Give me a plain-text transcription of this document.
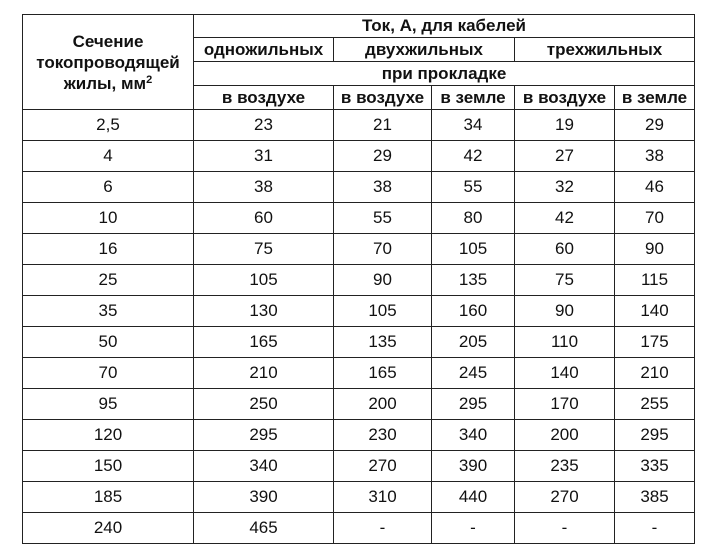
Сечение
токопроводящей
жилы, $мм^2$	Ток, А, для кабелей				
	одножильных	двухжильных		трехжильных	
	при прокладке				
	в воздухе	в воздухе	в земле	в воздухе	в земле
2,5	23	21	34	19	29
4	31	29	42	27	38
6	38	38	55	32	46
10	60	55	80	42	70
16	75	70	105	60	90
25	105	90	135	75	115
35	130	105	160	90	140
50	165	135	205	110	175
70	210	165	245	140	210
95	250	200	295	170	255
120	295	230	340	200	295
150	340	270	390	235	335
185	390	310	440	270	385
240	465	-	-	-	-
